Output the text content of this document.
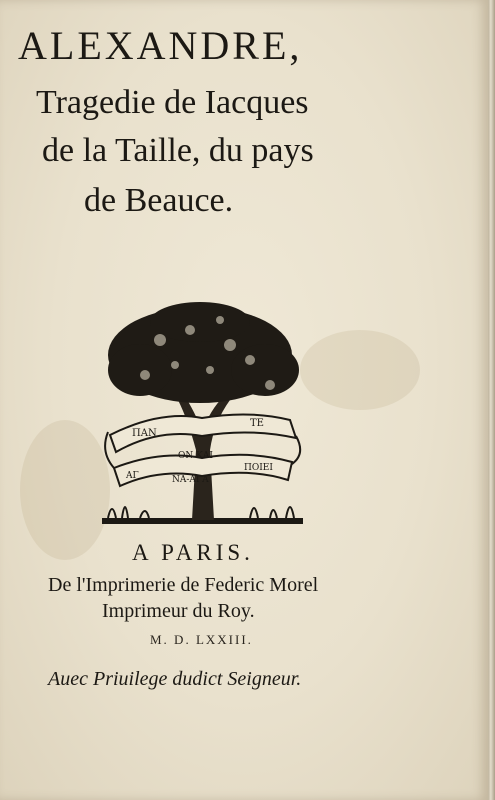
ALEXANDRE,
Tragedie de Iacques
de la Taille, du pays
de Beauce.
ΠΑΝ
ΤΕ
ΟΝ ΚΑΙ
ΑΓ	ΝΑ-ΑΓΑ
ΠΟΙΕΙ
A PARIS.
De l'Imprimerie de Federic Morel
Imprimeur du Roy.
M. D. LXXIII.
Auec Priuilege dudict Seigneur.
